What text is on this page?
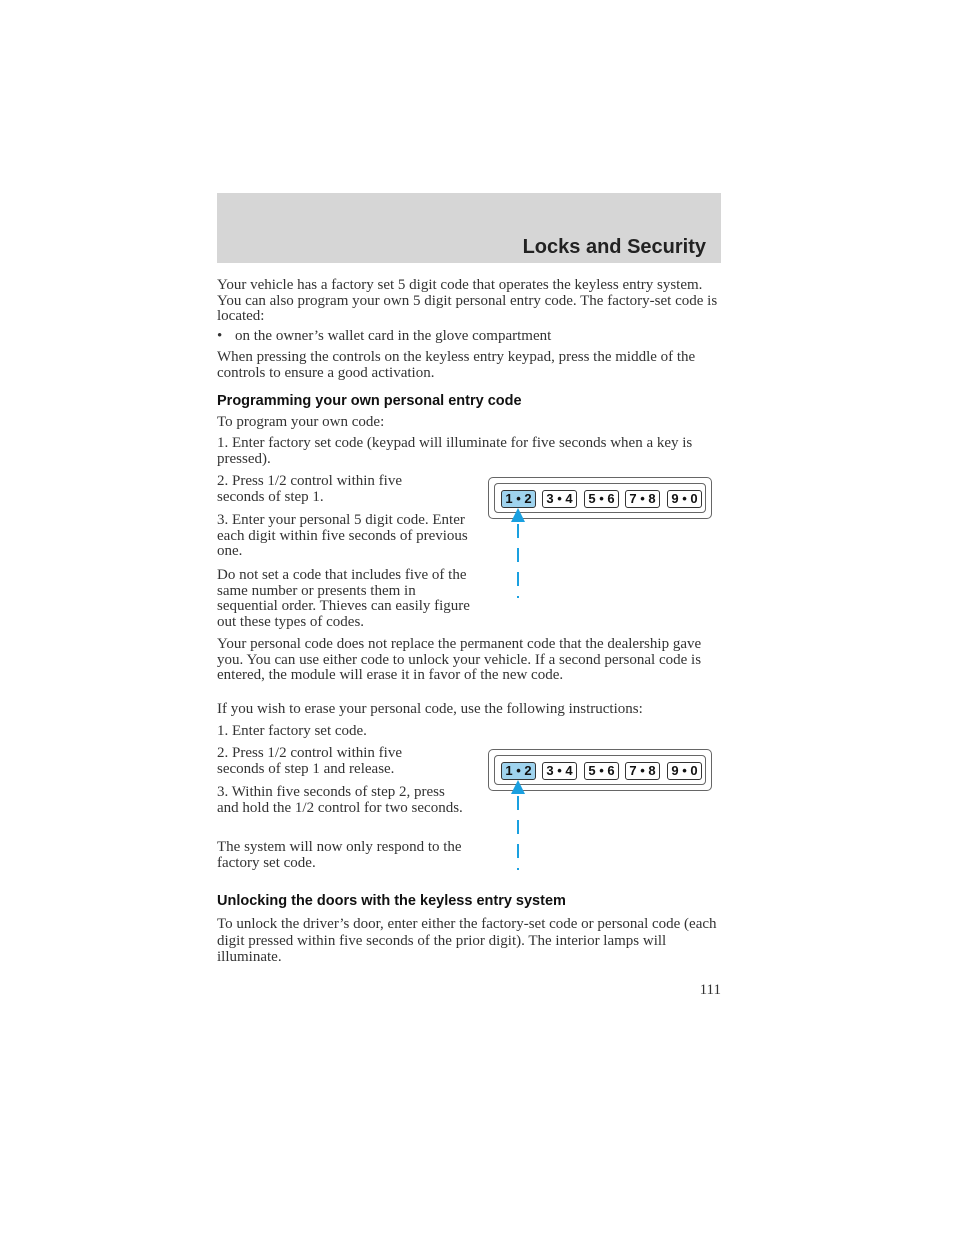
Locks and Security

Your vehicle has a factory set 5 digit code that operates the keyless entry system. You can also program your own 5 digit personal entry code. The factory-set code is located:

• on the owner’s wallet card in the glove compartment

When pressing the controls on the keyless entry keypad, press the middle of the controls to ensure a good activation.

Programming your own personal entry code

To program your own code:

1. Enter factory set code (keypad will illuminate for five seconds when a key is pressed).

2. Press 1/2 control within five seconds of step 1.

3. Enter your personal 5 digit code. Enter each digit within five seconds of previous one.

Do not set a code that includes five of the same number or presents them in sequential order. Thieves can easily figure out these types of codes.

1 • 2	3 • 4	5 • 6	7 • 8	9 • 0

Your personal code does not replace the permanent code that the dealership gave you. You can use either code to unlock your vehicle. If a second personal code is entered, the module will erase it in favor of the new code.

If you wish to erase your personal code, use the following instructions:

1. Enter factory set code.

2. Press 1/2 control within five seconds of step 1 and release.

3. Within five seconds of step 2, press and hold the 1/2 control for two seconds.

The system will now only respond to the factory set code.

1 • 2	3 • 4	5 • 6	7 • 8	9 • 0
Unlocking the doors with the keyless entry system

To unlock the driver’s door, enter either the factory-set code or personal code (each digit pressed within five seconds of the prior digit). The interior lamps will illuminate.

111
